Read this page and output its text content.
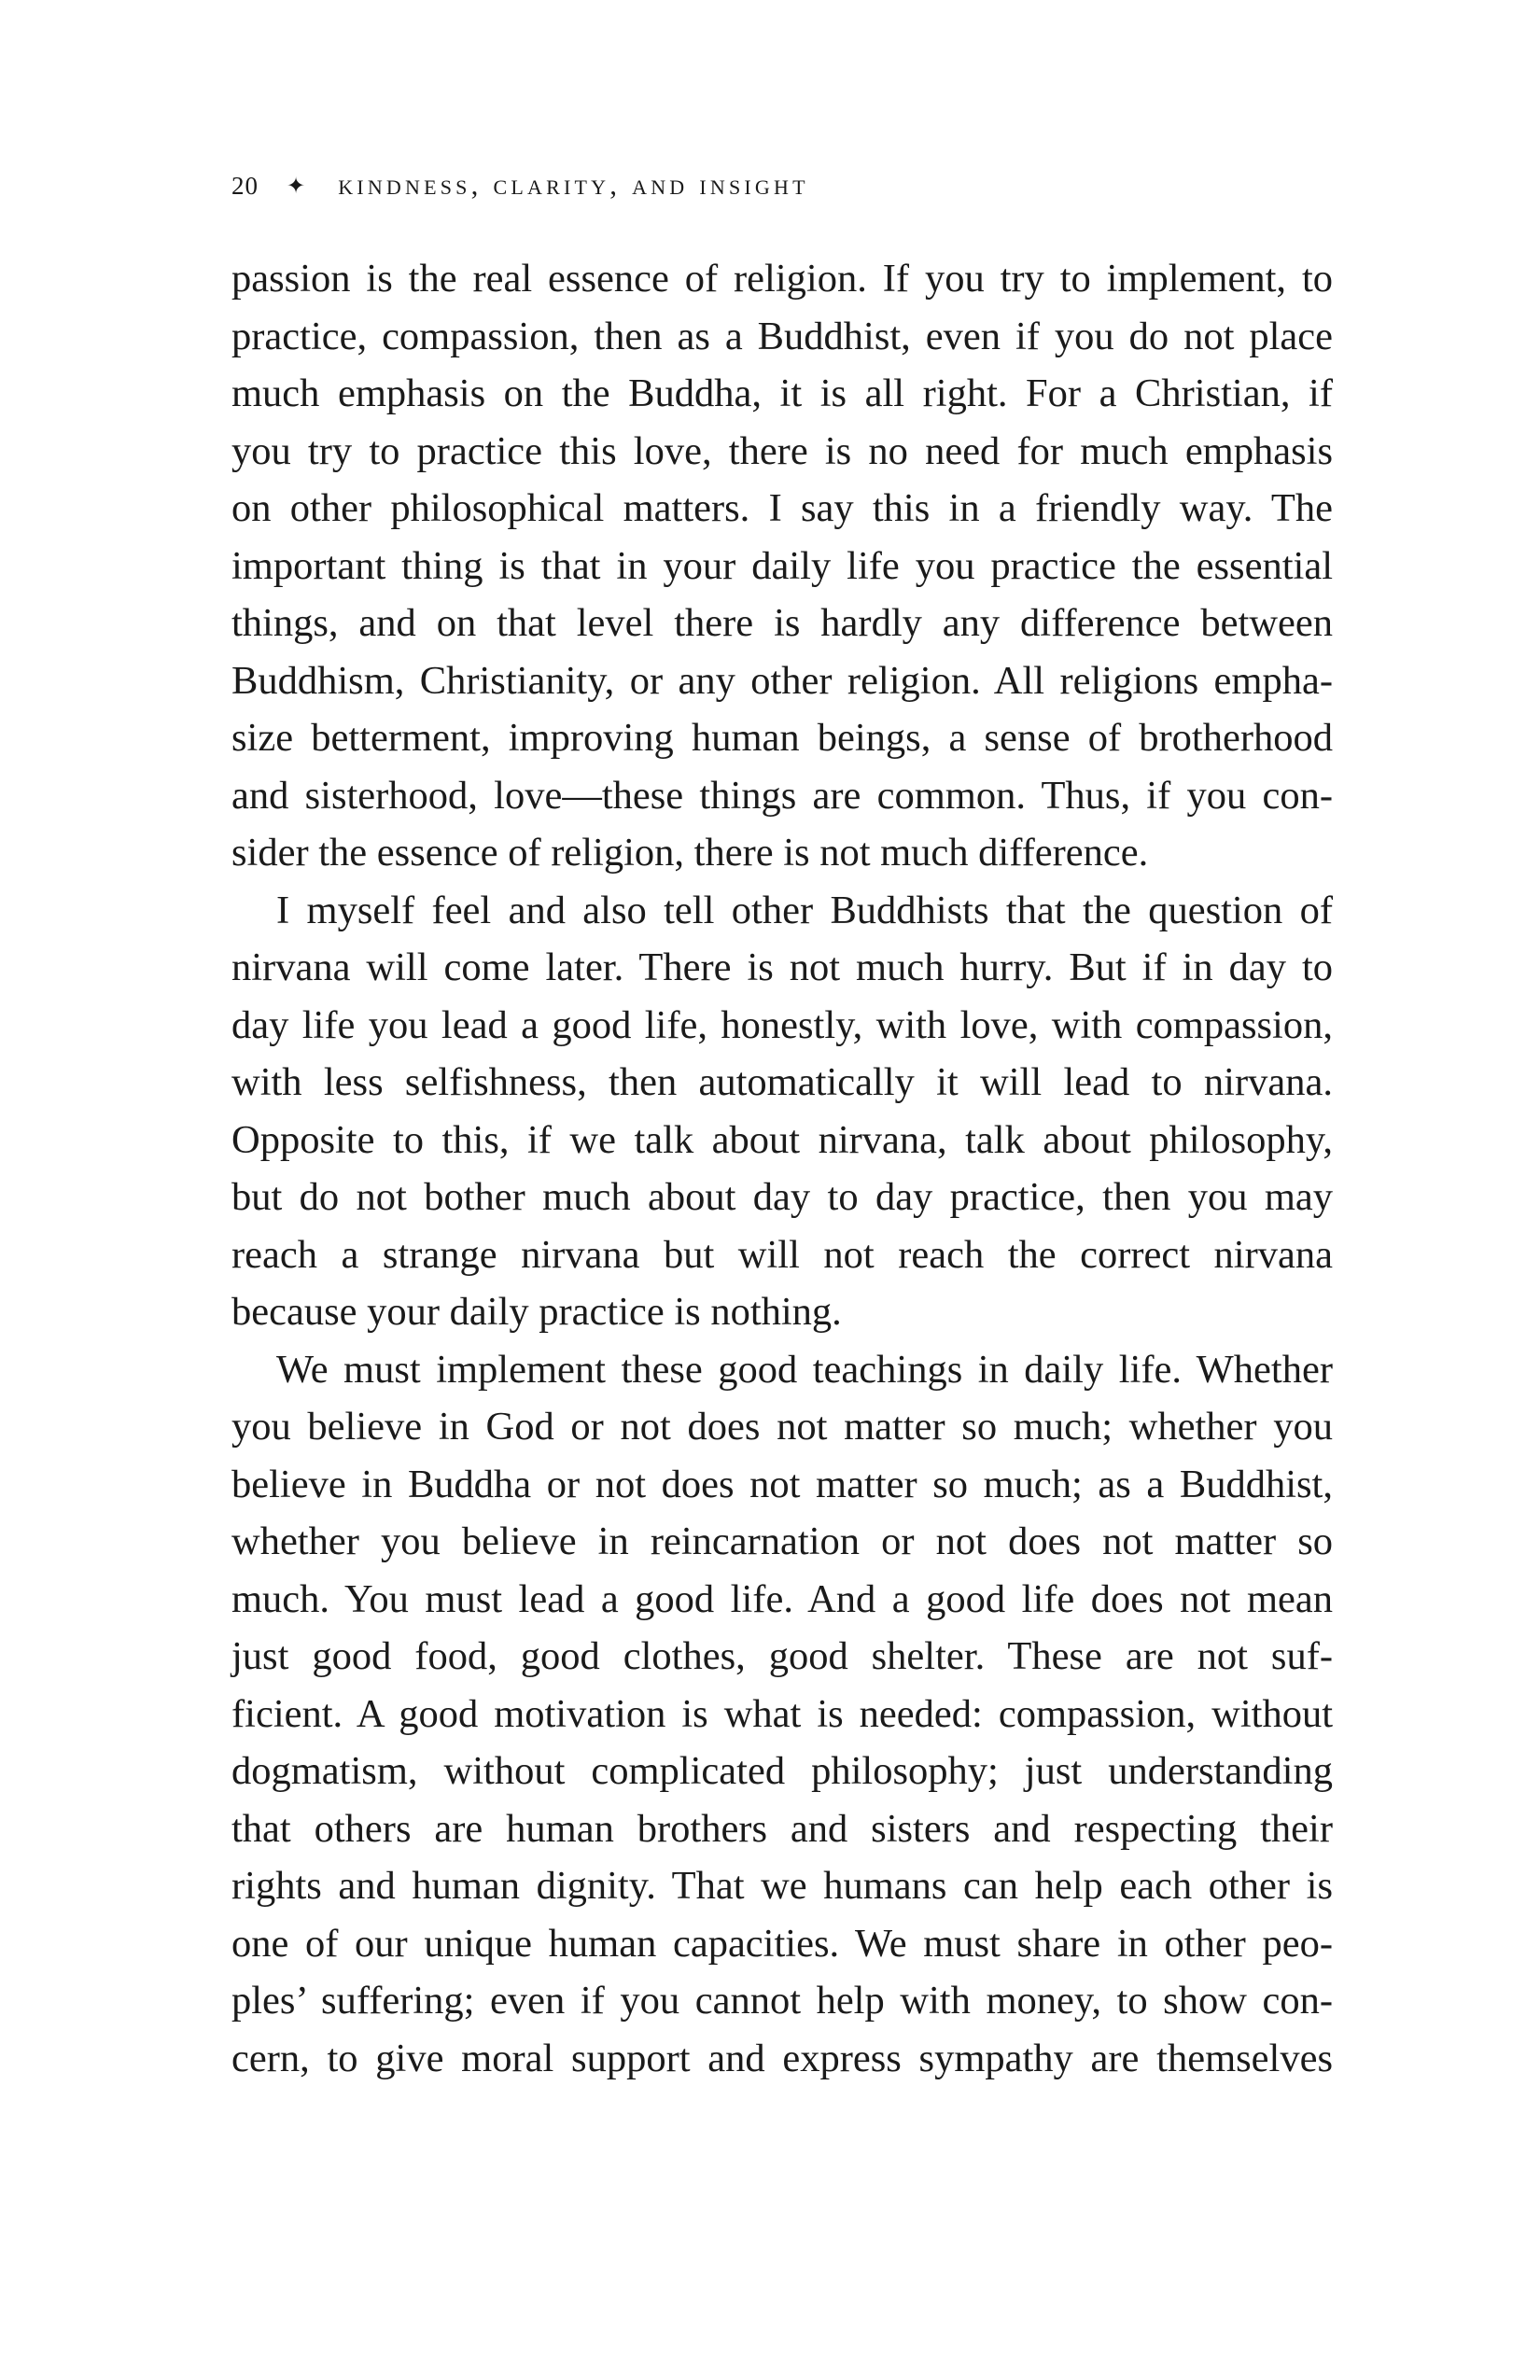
20 ✦ kindness, clarity, and insight

passion is the real essence of religion. If you try to implement, to
practice, compassion, then as a Buddhist, even if you do not place
much emphasis on the Buddha, it is all right. For a Christian, if
you try to practice this love, there is no need for much emphasis
on other philosophical matters. I say this in a friendly way. The
important thing is that in your daily life you practice the essential
things, and on that level there is hardly any difference between
Buddhism, Christianity, or any other religion. All religions empha-
size betterment, improving human beings, a sense of brotherhood
and sisterhood, love—these things are common. Thus, if you con-
sider the essence of religion, there is not much difference.

I myself feel and also tell other Buddhists that the question of
nirvana will come later. There is not much hurry. But if in day to
day life you lead a good life, honestly, with love, with compassion,
with less selfishness, then automatically it will lead to nirvana.
Opposite to this, if we talk about nirvana, talk about philosophy,
but do not bother much about day to day practice, then you may
reach a strange nirvana but will not reach the correct nirvana
because your daily practice is nothing.

We must implement these good teachings in daily life. Whether
you believe in God or not does not matter so much; whether you
believe in Buddha or not does not matter so much; as a Buddhist,
whether you believe in reincarnation or not does not matter so
much. You must lead a good life. And a good life does not mean
just good food, good clothes, good shelter. These are not suf-
ficient. A good motivation is what is needed: compassion, without
dogmatism, without complicated philosophy; just understanding
that others are human brothers and sisters and respecting their
rights and human dignity. That we humans can help each other is
one of our unique human capacities. We must share in other peo-
ples’ suffering; even if you cannot help with money, to show con-
cern, to give moral support and express sympathy are themselves
